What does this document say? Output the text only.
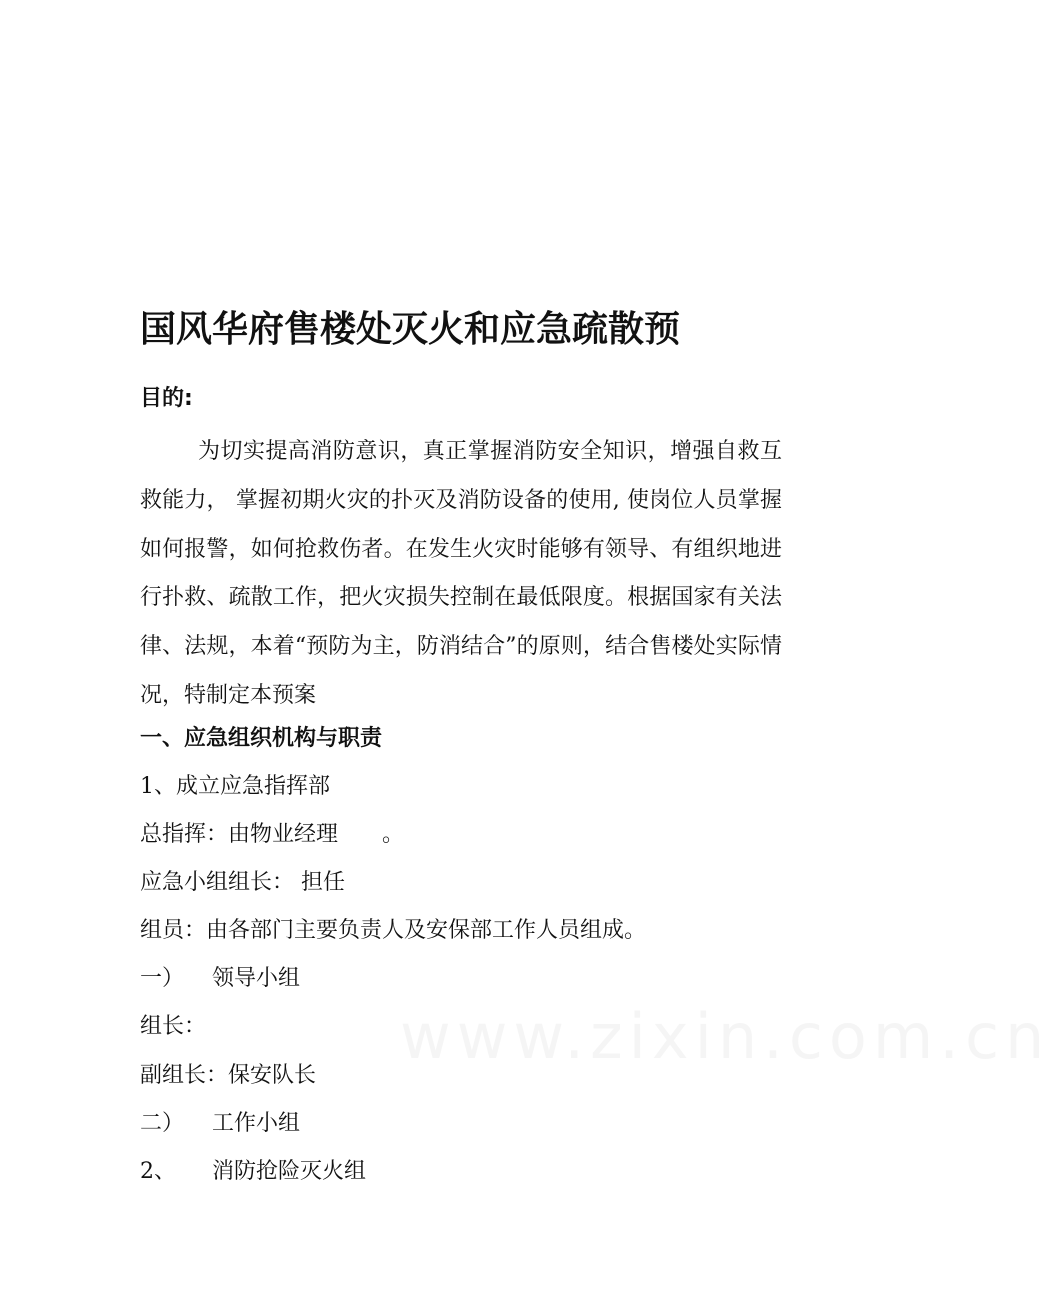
国风华府售楼处灭火和应急疏散预
目的:

为切实提高消防意识，真正掌握消防安全知识，增强自救互救能力， 掌握初期火灾的扑灭及消防设备的使用, 使岗位人员掌握如何报警，如何抢救伤者。在发生火灾时能够有领导、有组织地进行扑救、疏散工作，把火灾损失控制在最低限度。根据国家有关法律、法规，本着“预防为主，防消结合”的原则，结合售楼处实际情况，特制定本预案

一、应急组织机构与职责
1、成立应急指挥部
总指挥：由物业经理　　。
应急小组组长： 担任
组员：由各部门主要负责人及安保部工作人员组成。
一） 领导小组
组长：
副组长：保安队长
二） 工作小组
2、 消防抢险灭火组
www.zixin.com.cn
